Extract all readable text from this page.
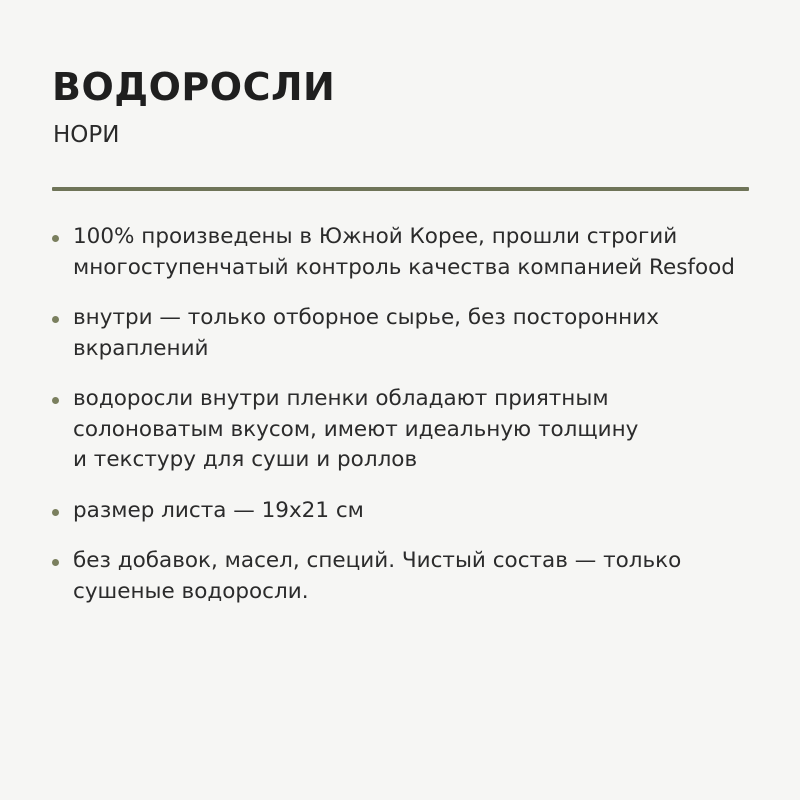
ВОДОРОСЛИ

НОРИ

100% произведены в Южной Корее, прошли строгий
многоступенчатый контроль качества компанией Resfood
внутри — только отборное сырье, без посторонних
вкраплений
водоросли внутри пленки обладают приятным
солоноватым вкусом, имеют идеальную толщину
и текстуру для суши и роллов
размер листа — 19х21 см
без добавок, масел, специй. Чистый состав — только
сушеные водоросли.
